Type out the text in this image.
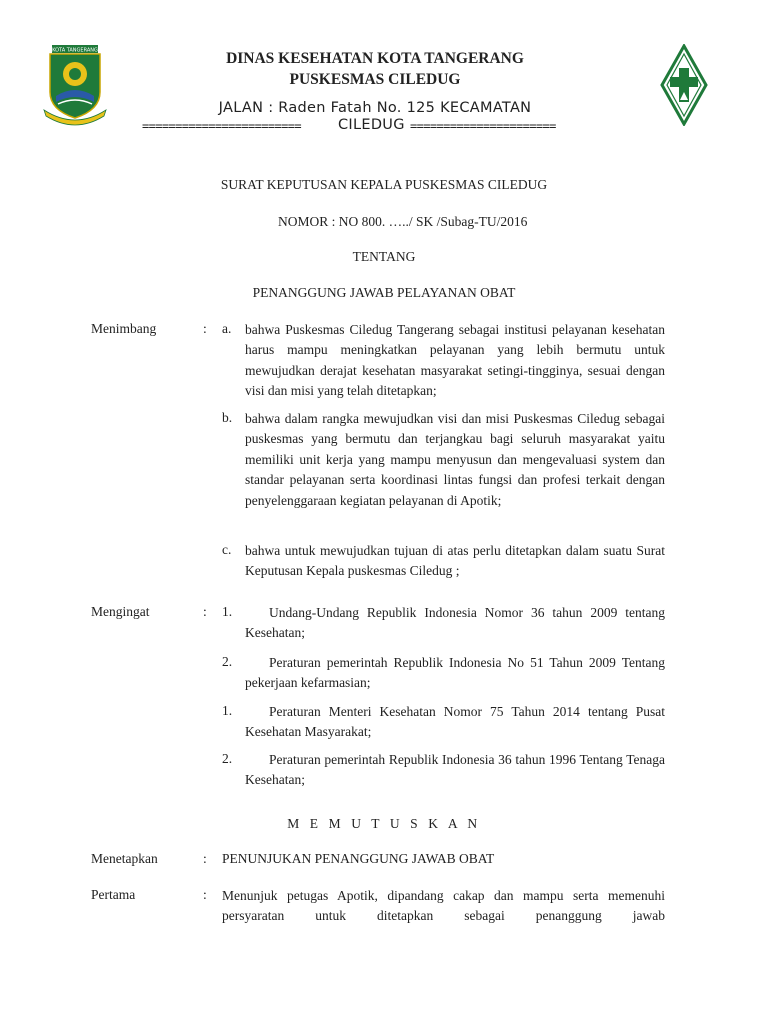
KOTA TANGERANG	DINAS KESEHATAN KOTA TANGERANG
PUSKESMAS CILEDUG
JALAN : Raden Fatah No. 125 KECAMATAN
========================	CILEDUG ======================
SURAT KEPUTUSAN KEPALA PUSKESMAS CILEDUG
NOMOR : NO 800. …../ SK /Subag-TU/2016
TENTANG
PENANGGUNG JAWAB PELAYANAN OBAT
Menimbang	: a. bahwa Puskesmas Ciledug Tangerang sebagai institusi pelayanan kesehatan harus mampu meningkatkan pelayanan yang lebih bermutu untuk mewujudkan derajat kesehatan masyarakat setingi-tingginya, sesuai dengan visi dan misi yang telah ditetapkan;
b. bahwa dalam rangka mewujudkan visi dan misi Puskesmas Ciledug sebagai puskesmas yang bermutu dan terjangkau bagi seluruh masyarakat yaitu memiliki unit kerja yang mampu menyusun dan mengevaluasi system dan standar pelayanan serta koordinasi lintas fungsi dan profesi terkait dengan penyelenggaraan kegiatan pelayanan di Apotik;
c. bahwa untuk mewujudkan tujuan di atas perlu ditetapkan dalam suatu Surat Keputusan Kepala puskesmas Ciledug ;
Mengingat	: 1.	Undang-Undang Republik Indonesia Nomor 36 tahun 2009 tentang Kesehatan;
2.	Peraturan pemerintah Republik Indonesia No 51 Tahun 2009 Tentang pekerjaan kefarmasian;
1.	Peraturan Menteri Kesehatan Nomor 75 Tahun 2014 tentang Pusat Kesehatan Masyarakat;
2.	Peraturan pemerintah Republik Indonesia 36 tahun 1996 Tentang Tenaga Kesehatan;
M E M U T U S K A N
Menetapkan	: PENUNJUKAN PENANGGUNG JAWAB OBAT
Pertama	: Menunjuk petugas Apotik, dipandang cakap dan mampu serta memenuhi persyaratan untuk ditetapkan sebagai penanggung jawab
